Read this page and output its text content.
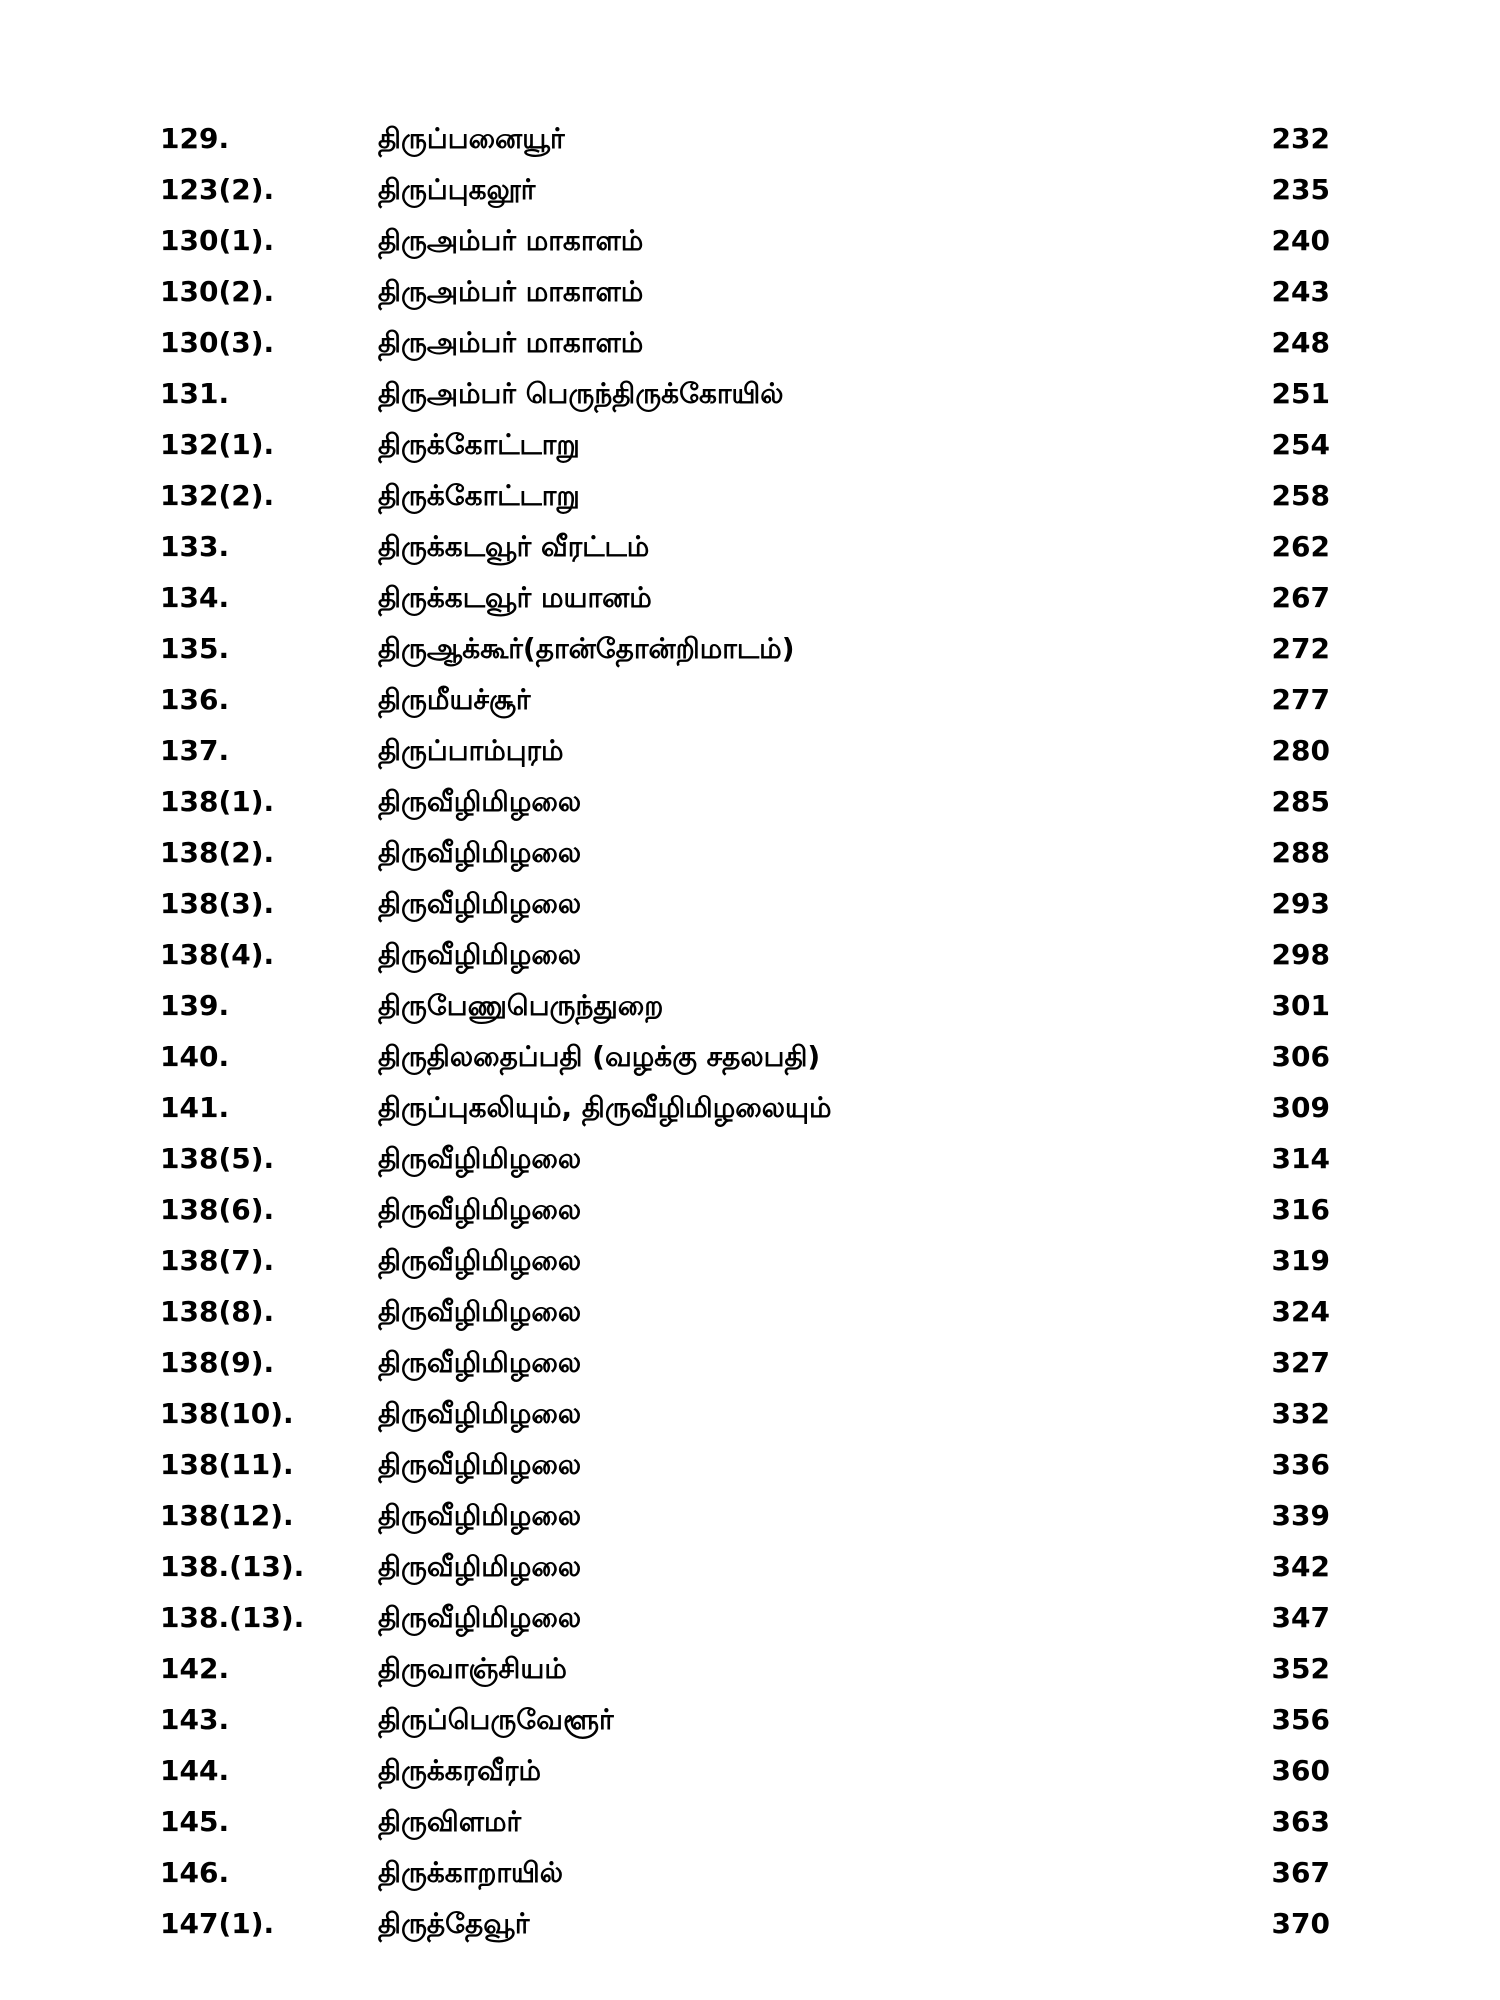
129.	திருப்பனையூர்	232
123(2).	திருப்புகலூர்	235
130(1).	திருஅம்பர் மாகாளம்	240
130(2).	திருஅம்பர் மாகாளம்	243
130(3).	திருஅம்பர் மாகாளம்	248
131.	திருஅம்பர் பெருந்திருக்கோயில்	251
132(1).	திருக்கோட்டாறு	254
132(2).	திருக்கோட்டாறு	258
133.	திருக்கடவூர் வீரட்டம்	262
134.	திருக்கடவூர் மயானம்	267
135.	திருஆக்கூர்(தான்தோன்றிமாடம்)	272
136.	திருமீயச்சூர்	277
137.	திருப்பாம்புரம்	280
138(1).	திருவீழிமிழலை	285
138(2).	திருவீழிமிழலை	288
138(3).	திருவீழிமிழலை	293
138(4).	திருவீழிமிழலை	298
139.	திருபேணுபெருந்துறை	301
140.	திருதிலதைப்பதி (வழக்கு சதலபதி)	306
141.	திருப்புகலியும், திருவீழிமிழலையும்	309
138(5).	திருவீழிமிழலை	314
138(6).	திருவீழிமிழலை	316
138(7).	திருவீழிமிழலை	319
138(8).	திருவீழிமிழலை	324
138(9).	திருவீழிமிழலை	327
138(10).	திருவீழிமிழலை	332
138(11).	திருவீழிமிழலை	336
138(12).	திருவீழிமிழலை	339
138.(13).	திருவீழிமிழலை	342
138.(13).	திருவீழிமிழலை	347
142.	திருவாஞ்சியம்	352
143.	திருப்பெருவேளூர்	356
144.	திருக்கரவீரம்	360
145.	திருவிளமர்	363
146.	திருக்காறாயில்	367
147(1).	திருத்தேவூர்	370
